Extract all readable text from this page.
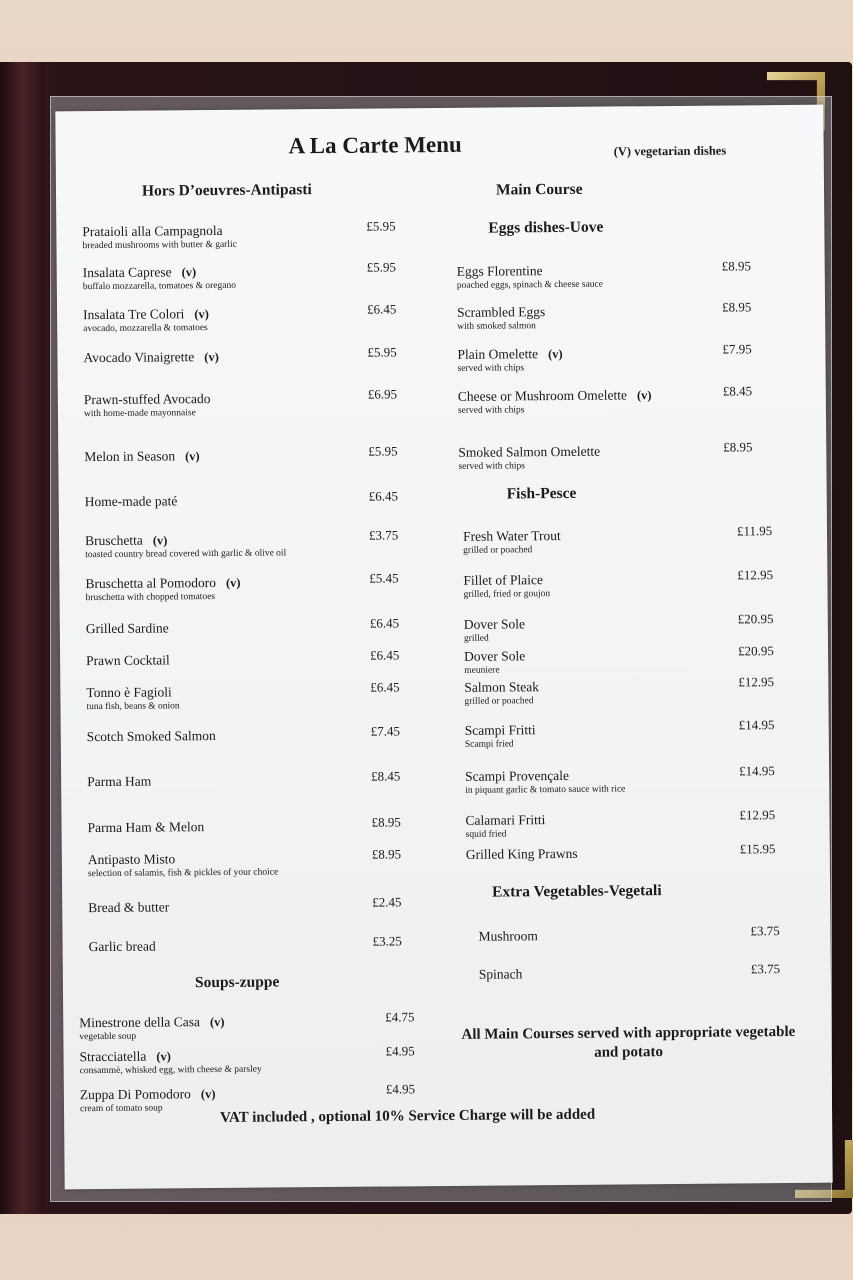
A La Carte Menu	(V) vegetarian dishes
Hors D’oeuvres-Antipasti	Main Course
Eggs dishes-Uove
Fish-Pesce
Extra Vegetables-Vegetali
Soups-zuppe
All Main Courses served with appropriate vegetable and potato
VAT included , optional 10% Service Charge will be added
Prataioli alla Campagnola
breaded mushrooms with butter & garlic
£5.95
Insalata Caprese (v)
buffalo mozzarella, tomatoes & oregano
£5.95
Insalata Tre Colori (v)
avocado, mozzarella & tomatoes
£6.45
Avocado Vinaigrette (v)	£5.95
Prawn-stuffed Avocado
with home-made mayonnaise
£6.95
Melon in Season (v)	£5.95
Home-made paté	£6.45
Bruschetta (v)
toasted country bread covered with garlic & olive oil
£3.75
Bruschetta al Pomodoro (v)
bruschetta with chopped tomatoes
£5.45
Grilled Sardine	£6.45
Prawn Cocktail	£6.45
Tonno è Fagioli
tuna fish, beans & onion
£6.45
Scotch Smoked Salmon	£7.45
Parma Ham	£8.45
Parma Ham & Melon	£8.95
Antipasto Misto
selection of salamis, fish & pickles of your choice
£8.95
Bread & butter	£2.45
Garlic bread	£3.25
Minestrone della Casa (v)
vegetable soup
£4.75
Stracciatella (v)
consammè, whisked egg, with cheese & parsley
£4.95
Zuppa Di Pomodoro (v)
cream of tomato soup
£4.95
Eggs Florentine
poached eggs, spinach & cheese sauce
£8.95
Scrambled Eggs
with smoked salmon
£8.95
Plain Omelette (v)
served with chips
£7.95
Cheese or Mushroom Omelette (v)
served with chips
£8.45
Smoked Salmon Omelette
served with chips
£8.95
Fresh Water Trout
grilled or poached
£11.95
Fillet of Plaice
grilled, fried or goujon
£12.95
Dover Sole
grilled
£20.95
Dover Sole
meuniere
£20.95
Salmon Steak
grilled or poached
£12.95
Scampi Fritti
Scampi fried
£14.95
Scampi Provençale
in piquant garlic & tomato sauce with rice
£14.95
Calamari Fritti
squid fried
£12.95
Grilled King Prawns	£15.95
Mushroom	£3.75
Spinach	£3.75
